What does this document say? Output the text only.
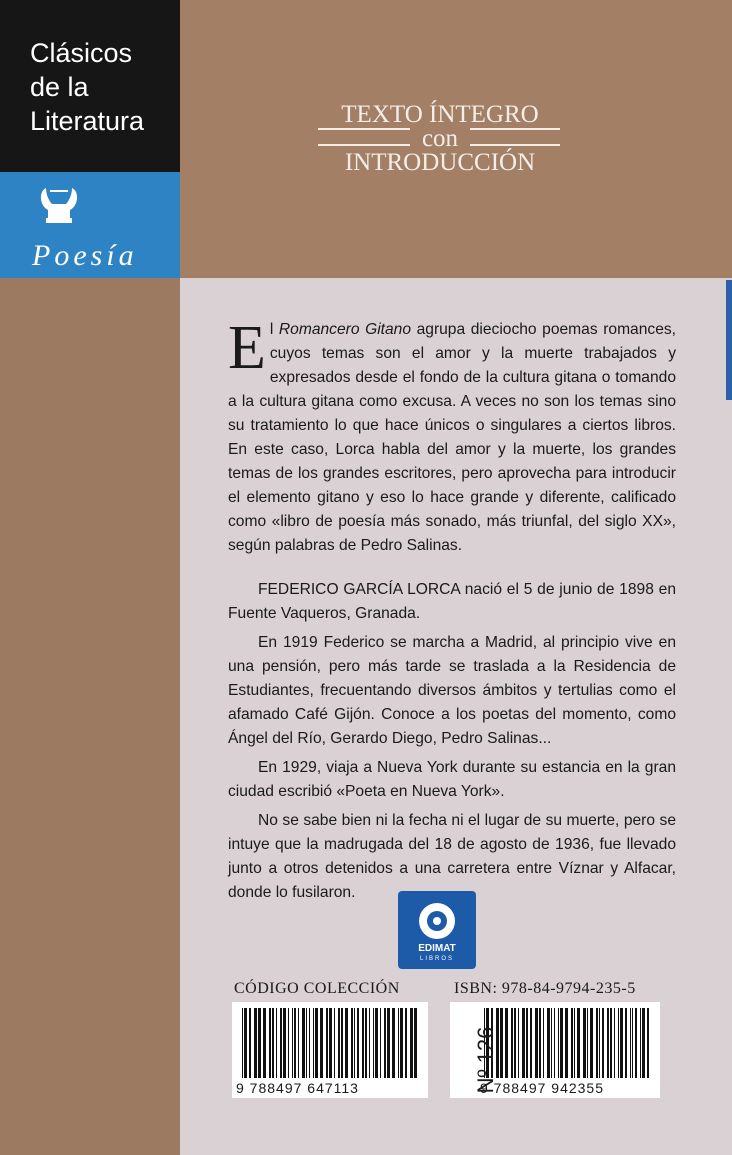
Clásicos
de la
Literatura
Poesía
TEXTO ÍNTEGRO
con
INTRODUCCIÓN
E l Romancero Gitano agrupa dieciocho poemas romances, cuyos temas son el amor y la muerte trabajados y expresados desde el fondo de la cultura gitana o tomando a la cultura gitana como excusa. A veces no son los temas sino su tratamiento lo que hace únicos o singulares a ciertos libros. En este caso, Lorca habla del amor y la muerte, los grandes temas de los grandes escritores, pero aprovecha para introducir el elemento gitano y eso lo hace grande y diferente, calificado como «libro de poesía más sonado, más triunfal, del siglo XX», según palabras de Pedro Salinas.

FEDERICO GARCÍA LORCA nació el 5 de junio de 1898 en Fuente Vaqueros, Granada.

En 1919 Federico se marcha a Madrid, al principio vive en una pensión, pero más tarde se traslada a la Residencia de Estudiantes, frecuentando diversos ámbitos y tertulias como el afamado Café Gijón. Conoce a los poetas del momento, como Ángel del Río, Gerardo Diego, Pedro Salinas...

En 1929, viaja a Nueva York durante su estancia en la gran ciudad escribió «Poeta en Nueva York».

No se sabe bien ni la fecha ni el lugar de su muerte, pero se intuye que la madrugada del 18 de agosto de 1936, fue llevado junto a otros detenidos a una carretera entre Víznar y Alfacar, donde lo fusilaron.

EDIMAT
LIBROS
CÓDIGO COLECCIÓN	ISBN: 978-84-9794-235-5
9 788497 647113	9 788497 942355
Nº 126
